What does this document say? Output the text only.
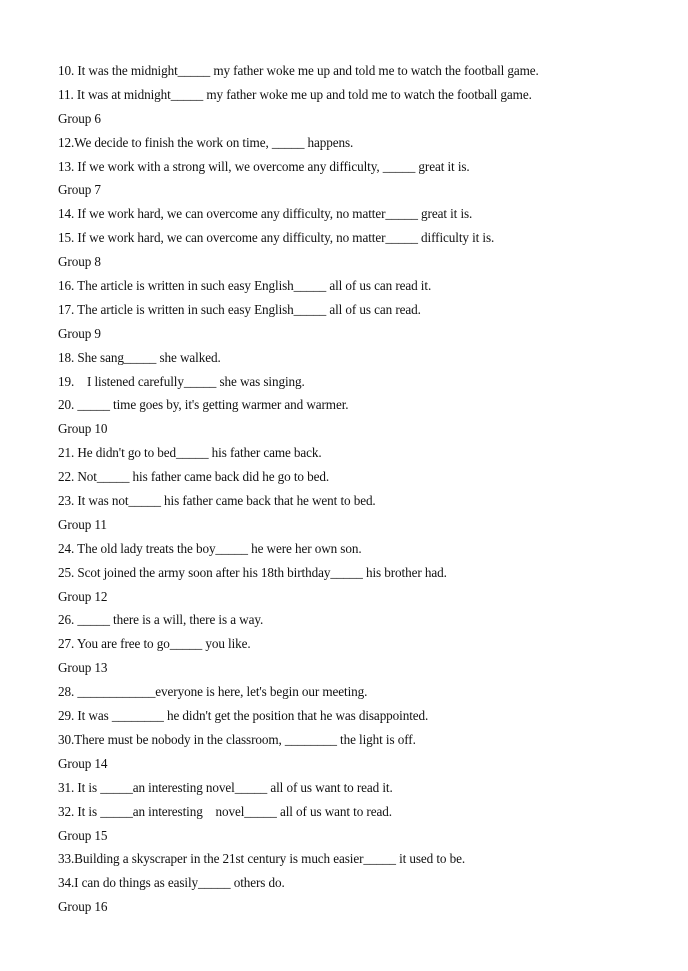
10. It was the midnight_____ my father woke me up and told me to watch the football game.
11. It was at midnight_____ my father woke me up and told me to watch the football game.
Group 6
12.We decide to finish the work on time, _____ happens.
13. If we work with a strong will, we overcome any difficulty, _____ great it is.
Group 7
14. If we work hard, we can overcome any difficulty, no matter_____ great it is.
15. If we work hard, we can overcome any difficulty, no matter_____ difficulty it is.
Group 8
16. The article is written in such easy English_____ all of us can read it.
17. The article is written in such easy English_____ all of us can read.
Group 9
18. She sang_____ she walked.
19.    I listened carefully_____ she was singing.
20. _____ time goes by, it's getting warmer and warmer.
Group 10
21. He didn't go to bed_____ his father came back.
22. Not_____ his father came back did he go to bed.
23. It was not_____ his father came back that he went to bed.
Group 11
24. The old lady treats the boy_____ he were her own son.
25. Scot joined the army soon after his 18th birthday_____ his brother had.
Group 12
26. _____ there is a will, there is a way.
27. You are free to go_____ you like.
Group 13
28. ____________everyone is here, let's begin our meeting.
29. It was ________ he didn't get the position that he was disappointed.
30.There must be nobody in the classroom, ________ the light is off.
Group 14
31. It is _____an interesting novel_____ all of us want to read it.
32. It is _____an interesting    novel_____ all of us want to read.
Group 15
33.Building a skyscraper in the 21st century is much easier_____ it used to be.
34.I can do things as easily_____ others do.
Group 16
